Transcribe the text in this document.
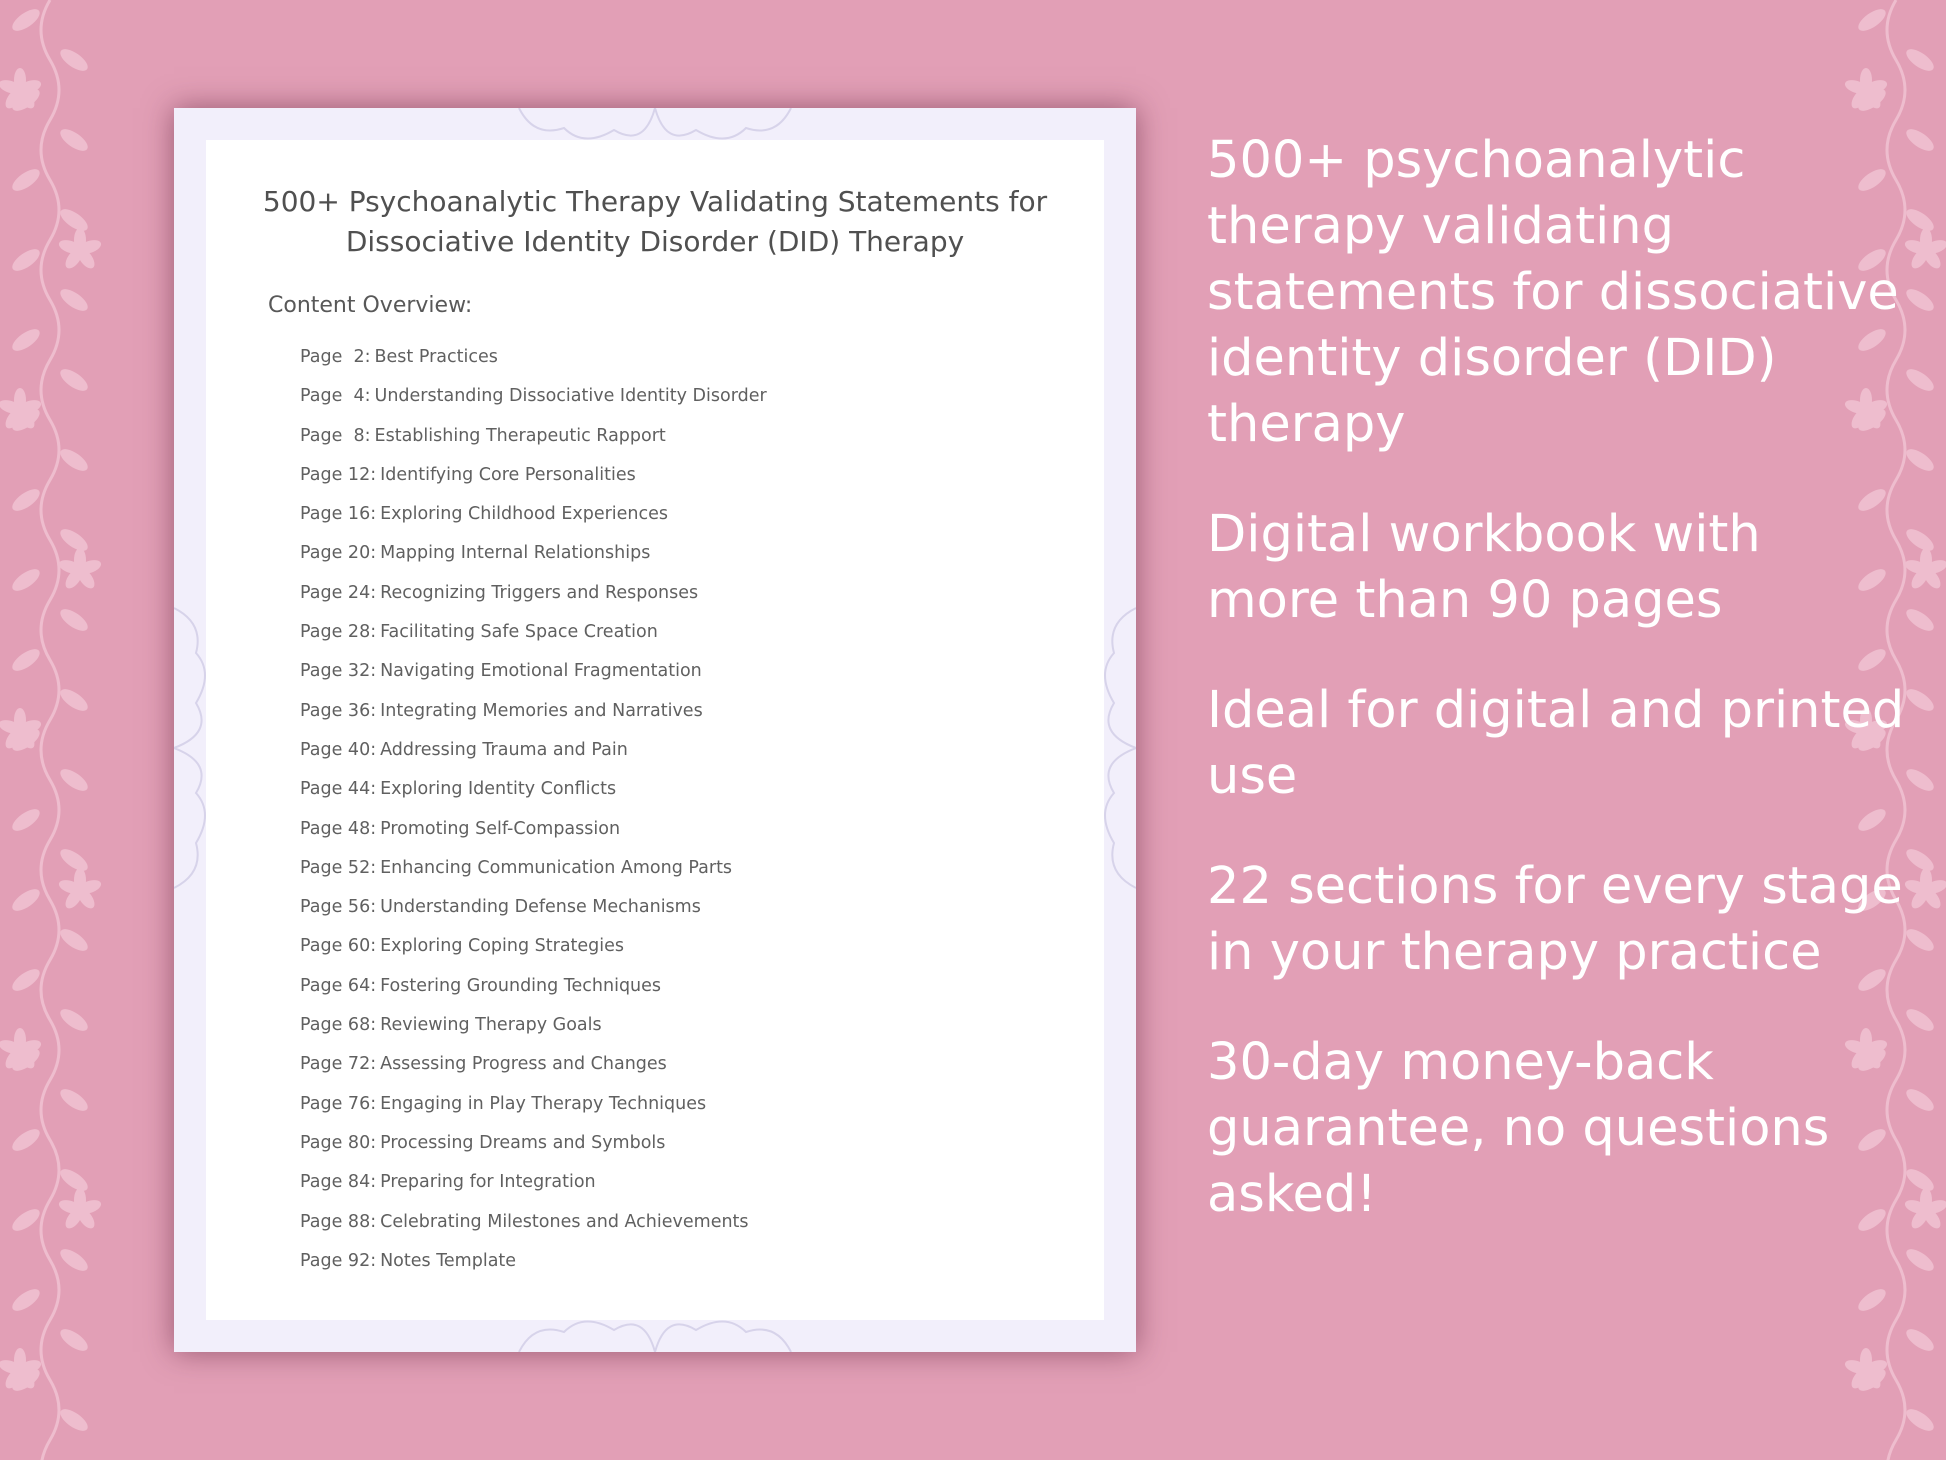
500+ Psychoanalytic Therapy Validating Statements for Dissociative Identity Disorder (DID) Therapy
Content Overview:
Page  2: Best Practices
Page  4: Understanding Dissociative Identity Disorder
Page  8: Establishing Therapeutic Rapport
Page 12: Identifying Core Personalities
Page 16: Exploring Childhood Experiences
Page 20: Mapping Internal Relationships
Page 24: Recognizing Triggers and Responses
Page 28: Facilitating Safe Space Creation
Page 32: Navigating Emotional Fragmentation
Page 36: Integrating Memories and Narratives
Page 40: Addressing Trauma and Pain
Page 44: Exploring Identity Conflicts
Page 48: Promoting Self-Compassion
Page 52: Enhancing Communication Among Parts
Page 56: Understanding Defense Mechanisms
Page 60: Exploring Coping Strategies
Page 64: Fostering Grounding Techniques
Page 68: Reviewing Therapy Goals
Page 72: Assessing Progress and Changes
Page 76: Engaging in Play Therapy Techniques
Page 80: Processing Dreams and Symbols
Page 84: Preparing for Integration
Page 88: Celebrating Milestones and Achievements
Page 92: Notes Template

500+ psychoanalytic therapy validating statements for dissociative identity disorder (DID) therapy

Digital workbook with more than 90 pages

Ideal for digital and printed use

22 sections for every stage in your therapy practice

30-day money-back guarantee, no questions asked!
